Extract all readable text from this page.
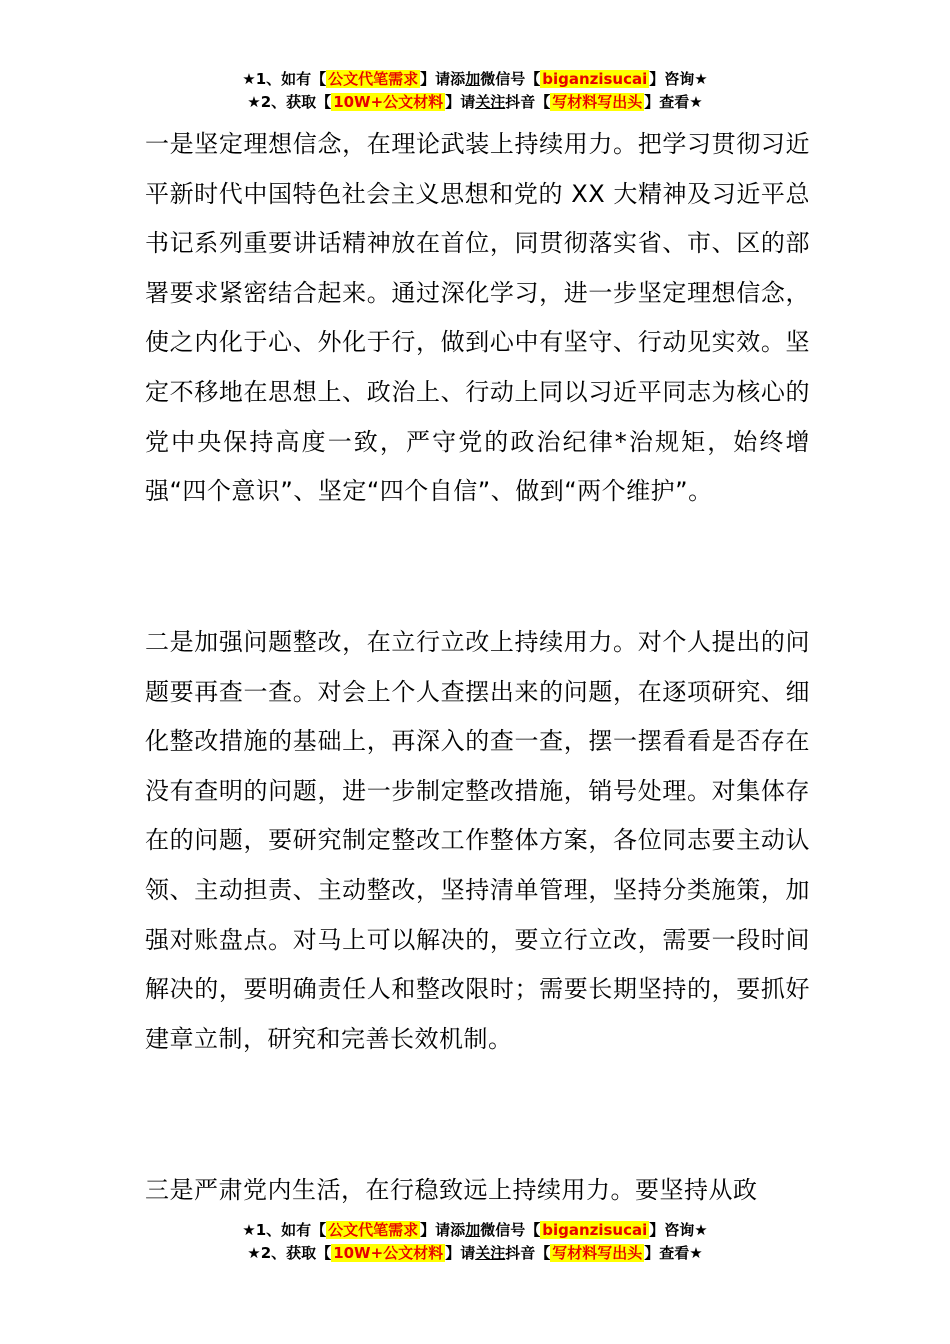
★1、如有【 公文代笔需求 】请添加微信号【 biganzisucai 】咨询★
★2、获取【 10W+公文材料 】请关注抖音【 写材料写出头 】查看★
一是坚定理想信念，在理论武装上持续用力。把学习贯彻习近平新时代中国特色社会主义思想和党的 XX 大精神及习近平总书记系列重要讲话精神放在首位，同贯彻落实省、市、区的部署要求紧密结合起来。通过深化学习，进一步坚定理想信念，使之内化于心、外化于行，做到心中有坚守、行动见实效。坚定不移地在思想上、政治上、行动上同以习近平同志为核心的党中央保持高度一致，严守党的政治纪律*治规矩，始终增强“四个意识”、坚定“四个自信”、做到“两个维护”。
二是加强问题整改，在立行立改上持续用力。对个人提出的问题要再查一查。对会上个人查摆出来的问题，在逐项研究、细化整改措施的基础上，再深入的查一查，摆一摆看看是否存在没有查明的问题，进一步制定整改措施，销号处理。对集体存在的问题，要研究制定整改工作整体方案，各位同志要主动认领、主动担责、主动整改，坚持清单管理，坚持分类施策，加强对账盘点。对马上可以解决的，要立行立改，需要一段时间解决的，要明确责任人和整改限时；需要长期坚持的，要抓好建章立制，研究和完善长效机制。
三是严肃党内生活，在行稳致远上持续用力。要坚持从政
★1、如有【 公文代笔需求 】请添加微信号【 biganzisucai 】咨询★
★2、获取【 10W+公文材料 】请关注抖音【 写材料写出头 】查看★
